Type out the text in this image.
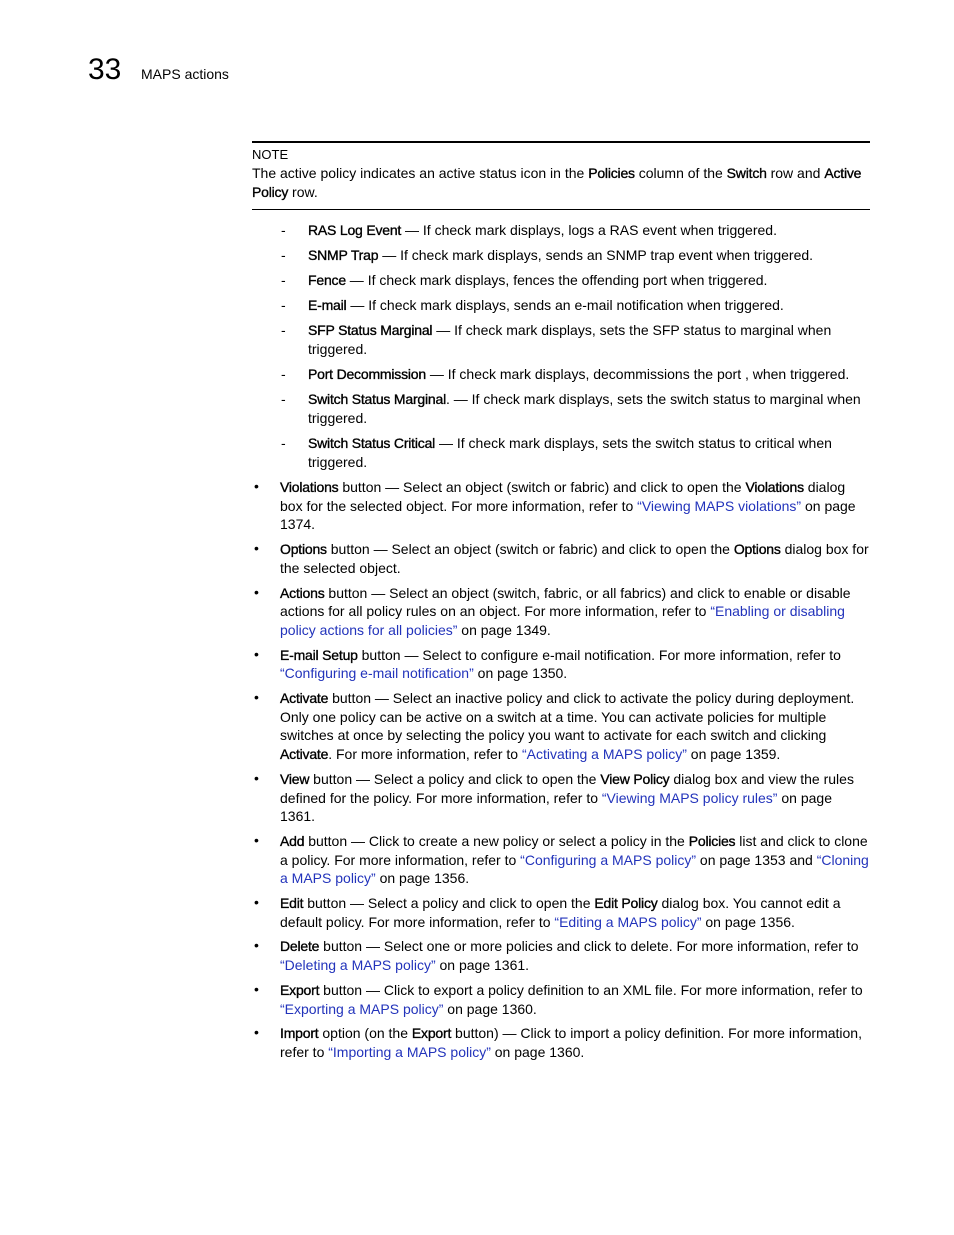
33 MAPS actions
NOTE
The active policy indicates an active status icon in the Policies column of the Switch row and Active Policy row.
- RAS Log Event — If check mark displays, logs a RAS event when triggered.
- SNMP Trap — If check mark displays, sends an SNMP trap event when triggered.
- Fence — If check mark displays, fences the offending port when triggered.
- E-mail — If check mark displays, sends an e-mail notification when triggered.
- SFP Status Marginal — If check mark displays, sets the SFP status to marginal when triggered.
- Port Decommission — If check mark displays, decommissions the port , when triggered.
- Switch Status Marginal. — If check mark displays, sets the switch status to marginal when triggered.
- Switch Status Critical — If check mark displays, sets the switch status to critical when triggered.
• Violations button — Select an object (switch or fabric) and click to open the Violations dialog box for the selected object. For more information, refer to “Viewing MAPS violations” on page 1374.
• Options button — Select an object (switch or fabric) and click to open the Options dialog box for the selected object.
• Actions button — Select an object (switch, fabric, or all fabrics) and click to enable or disable actions for all policy rules on an object. For more information, refer to “Enabling or disabling policy actions for all policies” on page 1349.
• E-mail Setup button — Select to configure e-mail notification. For more information, refer to “Configuring e-mail notification” on page 1350.
• Activate button — Select an inactive policy and click to activate the policy during deployment. Only one policy can be active on a switch at a time. You can activate policies for multiple switches at once by selecting the policy you want to activate for each switch and clicking Activate. For more information, refer to “Activating a MAPS policy” on page 1359.
• View button — Select a policy and click to open the View Policy dialog box and view the rules defined for the policy. For more information, refer to “Viewing MAPS policy rules” on page 1361.
• Add button — Click to create a new policy or select a policy in the Policies list and click to clone a policy. For more information, refer to “Configuring a MAPS policy” on page 1353 and “Cloning a MAPS policy” on page 1356.
• Edit button — Select a policy and click to open the Edit Policy dialog box. You cannot edit a default policy. For more information, refer to “Editing a MAPS policy” on page 1356.
• Delete button — Select one or more policies and click to delete. For more information, refer to “Deleting a MAPS policy” on page 1361.
• Export button — Click to export a policy definition to an XML file. For more information, refer to “Exporting a MAPS policy” on page 1360.
• Import option (on the Export button) — Click to import a policy definition. For more information, refer to “Importing a MAPS policy” on page 1360.
